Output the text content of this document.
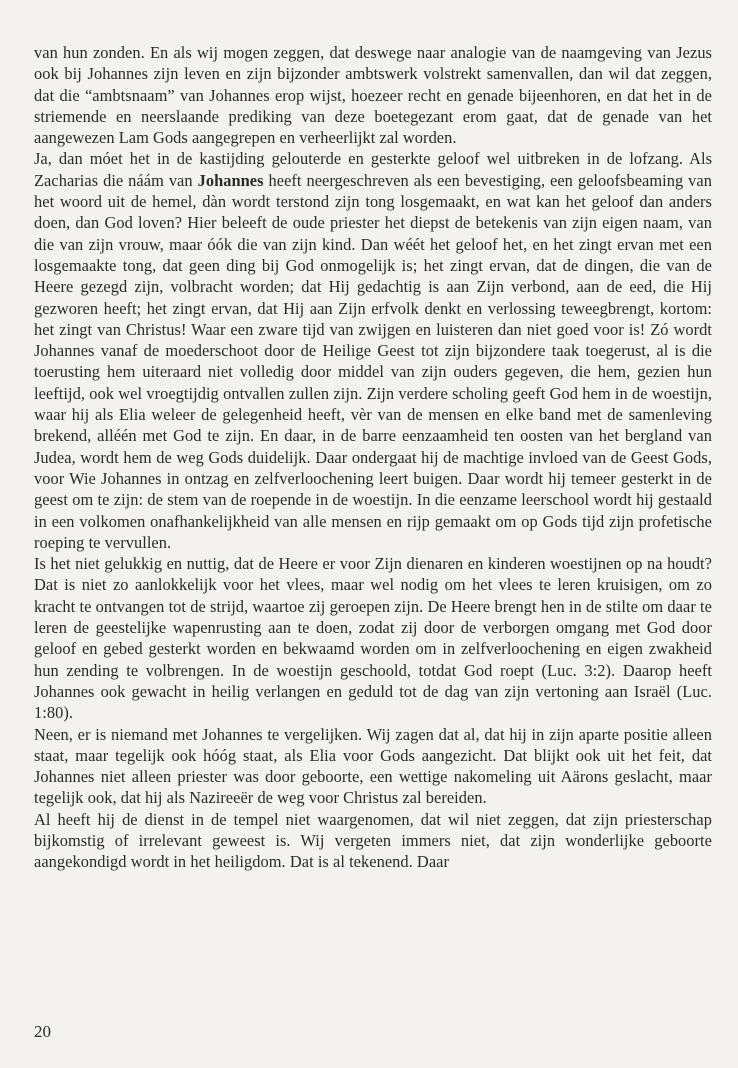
van hun zonden. En als wij mogen zeggen, dat deswege naar analogie van de naamgeving van Jezus ook bij Johannes zijn leven en zijn bijzonder ambtswerk volstrekt samenvallen, dan wil dat zeggen, dat die “ambtsnaam” van Johannes erop wijst, hoezeer recht en genade bijeenhoren, en dat het in de striemende en neerslaande prediking van deze boetegezant erom gaat, dat de genade van het aangewezen Lam Gods aangegrepen en verheerlijkt zal worden.

Ja, dan móet het in de kastijding gelouterde en gesterkte geloof wel uitbreken in de lofzang. Als Zacharias die náám van Johannes heeft neergeschreven als een bevestiging, een geloofsbeaming van het woord uit de hemel, dàn wordt terstond zijn tong losgemaakt, en wat kan het geloof dan anders doen, dan God loven? Hier beleeft de oude priester het diepst de betekenis van zijn eigen naam, van die van zijn vrouw, maar óók die van zijn kind. Dan wéét het geloof het, en het zingt ervan met een losgemaakte tong, dat geen ding bij God onmogelijk is; het zingt ervan, dat de dingen, die van de Heere gezegd zijn, volbracht worden; dat Hij gedachtig is aan Zijn verbond, aan de eed, die Hij gezworen heeft; het zingt ervan, dat Hij aan Zijn erfvolk denkt en verlossing teweegbrengt, kortom: het zingt van Christus! Waar een zware tijd van zwijgen en luisteren dan niet goed voor is! Zó wordt Johannes vanaf de moederschoot door de Heilige Geest tot zijn bijzondere taak toegerust, al is die toerusting hem uiteraard niet volledig door middel van zijn ouders gegeven, die hem, gezien hun leeftijd, ook wel vroegtijdig ontvallen zullen zijn. Zijn verdere scholing geeft God hem in de woestijn, waar hij als Elia weleer de gelegenheid heeft, vèr van de mensen en elke band met de samenleving brekend, alléén met God te zijn. En daar, in de barre eenzaamheid ten oosten van het bergland van Judea, wordt hem de weg Gods duidelijk. Daar ondergaat hij de machtige invloed van de Geest Gods, voor Wie Johannes in ontzag en zelfverloochening leert buigen. Daar wordt hij temeer gesterkt in de geest om te zijn: de stem van de roepende in de woestijn. In die eenzame leerschool wordt hij gestaald in een volkomen onafhankelijkheid van alle mensen en rijp gemaakt om op Gods tijd zijn profetische roeping te vervullen.

Is het niet gelukkig en nuttig, dat de Heere er voor Zijn dienaren en kinderen woestijnen op na houdt? Dat is niet zo aanlokkelijk voor het vlees, maar wel nodig om het vlees te leren kruisigen, om zo kracht te ontvangen tot de strijd, waartoe zij geroepen zijn. De Heere brengt hen in de stilte om daar te leren de geestelijke wapenrusting aan te doen, zodat zij door de verborgen omgang met God door geloof en gebed gesterkt worden en bekwaamd worden om in zelfverloochening en eigen zwakheid hun zending te volbrengen. In de woestijn geschoold, totdat God roept (Luc. 3:2). Daarop heeft Johannes ook gewacht in heilig verlangen en geduld tot de dag van zijn vertoning aan Israël (Luc. 1:80).

Neen, er is niemand met Johannes te vergelijken. Wij zagen dat al, dat hij in zijn aparte positie alleen staat, maar tegelijk ook hóóg staat, als Elia voor Gods aangezicht. Dat blijkt ook uit het feit, dat Johannes niet alleen priester was door geboorte, een wettige nakomeling uit Aärons geslacht, maar tegelijk ook, dat hij als Nazireeër de weg voor Christus zal bereiden.

Al heeft hij de dienst in de tempel niet waargenomen, dat wil niet zeggen, dat zijn priesterschap bijkomstig of irrelevant geweest is. Wij vergeten immers niet, dat zijn wonderlijke geboorte aangekondigd wordt in het heiligdom. Dat is al tekenend. Daar

20
